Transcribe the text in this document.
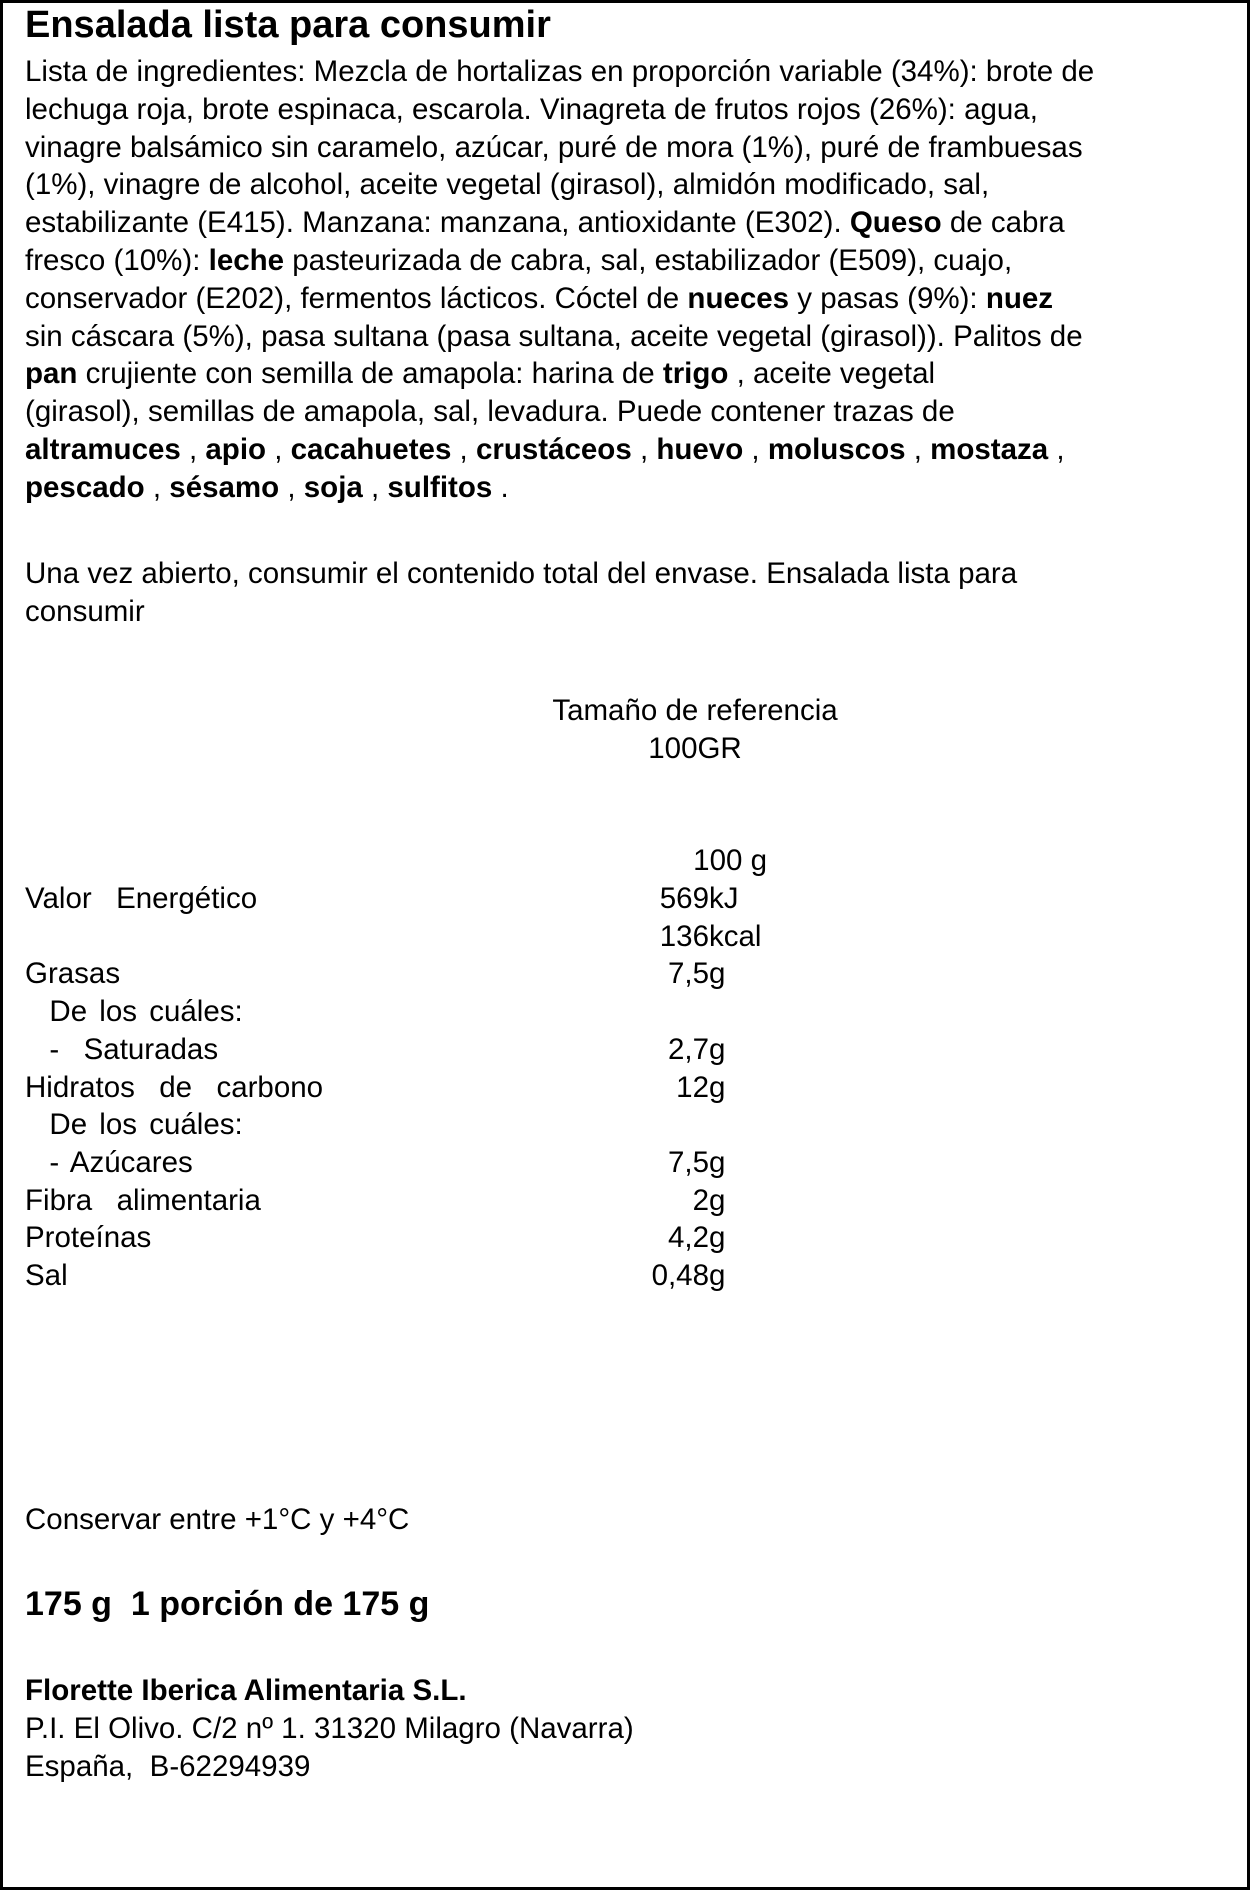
Ensalada lista para consumir
Lista de ingredientes: Mezcla de hortalizas en proporción variable (34%): brote de
lechuga roja, brote espinaca, escarola. Vinagreta de frutos rojos (26%): agua,
vinagre balsámico sin caramelo, azúcar, puré de mora (1%), puré de frambuesas
(1%), vinagre de alcohol, aceite vegetal (girasol), almidón modificado, sal,
estabilizante (E415). Manzana: manzana, antioxidante (E302). Queso de cabra
fresco (10%): leche pasteurizada de cabra, sal, estabilizador (E509), cuajo,
conservador (E202), fermentos lácticos. Cóctel de nueces y pasas (9%): nuez
sin cáscara (5%), pasa sultana (pasa sultana, aceite vegetal (girasol)). Palitos de
pan crujiente con semilla de amapola: harina de trigo , aceite vegetal
(girasol), semillas de amapola, sal, levadura. Puede contener trazas de
altramuces , apio , cacahuetes , crustáceos , huevo , moluscos , mostaza ,
pescado , sésamo , soja , sulfitos .
Una vez abierto, consumir el contenido total del envase. Ensalada lista para
consumir
Tamaño de referencia
100GR
100 g
Valor  Energético	569kJ
136kcal
Grasas	7,5g
De los cuáles:
-  Saturadas	2,7g
Hidratos  de  carbono	12g
De los cuáles:
- Azúcares	7,5g
Fibra  alimentaria	2g
Proteínas	4,2g
Sal	0,48g
Conservar entre +1°C y +4°C
175 g  1 porción de 175 g
Florette Iberica Alimentaria S.L.
P.I. El Olivo. C/2 nº 1. 31320 Milagro (Navarra)
España,  B-62294939
